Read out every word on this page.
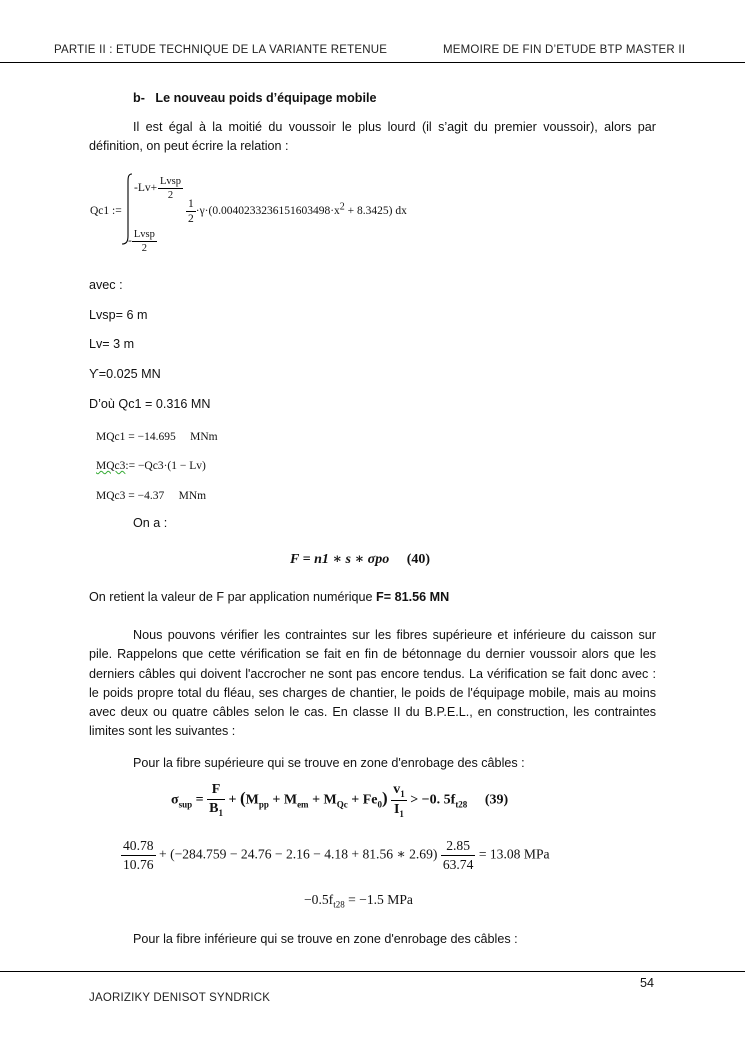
PARTIE II : ETUDE TECHNIQUE DE LA VARIANTE RETENUE	MEMOIRE DE FIN D’ETUDE BTP MASTER II
b- Le nouveau poids d’équipage mobile
Il est égal à la moitié du voussoir le plus lourd (il s’agit du premier voussoir), alors par définition, on peut écrire la relation :
Qc1 :=
$-Lv+ \frac{\text{Lvsp}}{2}$
$\frac{1}{2} \cdot\gamma\cdot(0.0040233236151603498\cdot x^2 + 8.3425)$ dx
- $\frac{\text{Lvsp}}{2}$
avec :
Lvsp= 6 m
Lv= 3 m
ϒ=0.025 MN
D’où Qc1 = 0.316 MN
MQc1 = −14.695     MNm
MQc3:= −Qc3·(1 − Lv)
MQc3 = −4.37     MNm
On a :
F = n1 ∗ s ∗ σpo (40)
On retient la valeur de F par application numérique F= 81.56 MN
Nous pouvons vérifier les contraintes sur les fibres supérieure et inférieure du caisson sur pile. Rappelons que cette vérification se fait en fin de bétonnage du dernier voussoir alors que les derniers câbles qui doivent l'accrocher ne sont pas encore tendus. La vérification se fait donc avec : le poids propre total du fléau, ses charges de chantier, le poids de l'équipage mobile, mais au moins avec deux ou quatre câbles selon le cas. En classe II du B.P.E.L., en construction, les contraintes limites sont les suivantes :
Pour la fibre supérieure qui se trouve en zone d'enrobage des câbles :
$\sigma_{sup} = \frac{F}{B_1} + (M_{pp} + M_{em} + M_{Qc} + Fe_0) \frac{v_1}{I_1} > -0$. $5f_{t28}$ (39)
$\frac{40.78}{10.76} + (-284.759 - 24.76 - 2.16 - 4.18 + 81.56$ ∗ $2.69) \frac{2.85}{63.74} = 13.08$ MPa
$-0.5f_{t28} = -1.5$ MPa
Pour la fibre inférieure qui se trouve en zone d'enrobage des câbles :
54
JAORIZIKY DENISOT SYNDRICK
